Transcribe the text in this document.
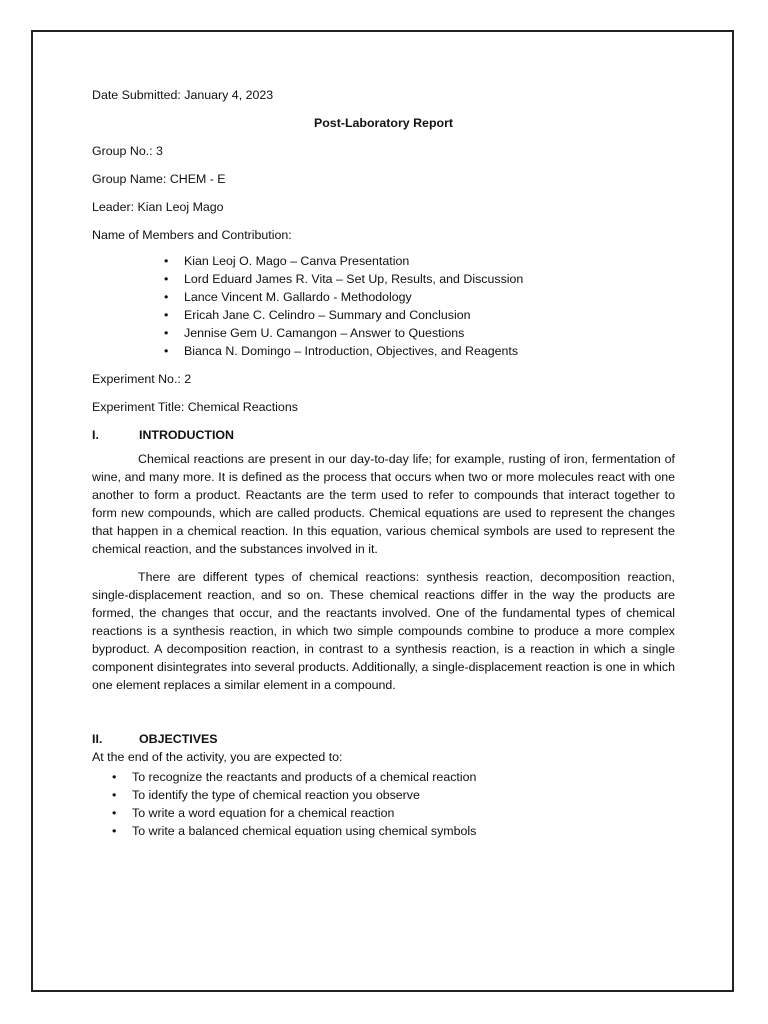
Date Submitted: January 4, 2023

Post-Laboratory Report

Group No.: 3

Group Name: CHEM - E

Leader: Kian Leoj Mago

Name of Members and Contribution:

• Kian Leoj O. Mago – Canva Presentation
• Lord Eduard James R. Vita – Set Up, Results, and Discussion
• Lance Vincent M. Gallardo - Methodology
• Ericah Jane C. Celindro – Summary and Conclusion
• Jennise Gem U. Camangon – Answer to Questions
• Bianca N. Domingo – Introduction, Objectives, and Reagents

Experiment No.: 2

Experiment Title: Chemical Reactions

I.	INTRODUCTION

Chemical reactions are present in our day-to-day life; for example, rusting of iron, fermentation of wine, and many more. It is defined as the process that occurs when two or more molecules react with one another to form a product. Reactants are the term used to refer to compounds that interact together to form new compounds, which are called products. Chemical equations are used to represent the changes that happen in a chemical reaction. In this equation, various chemical symbols are used to represent the chemical reaction, and the substances involved in it.

There are different types of chemical reactions: synthesis reaction, decomposition reaction, single-displacement reaction, and so on. These chemical reactions differ in the way the products are formed, the changes that occur, and the reactants involved. One of the fundamental types of chemical reactions is a synthesis reaction, in which two simple compounds combine to produce a more complex byproduct. A decomposition reaction, in contrast to a synthesis reaction, is a reaction in which a single component disintegrates into several products. Additionally, a single-displacement reaction is one in which one element replaces a similar element in a compound.

II.	OBJECTIVES

At the end of the activity, you are expected to:

• To recognize the reactants and products of a chemical reaction
• To identify the type of chemical reaction you observe
• To write a word equation for a chemical reaction
• To write a balanced chemical equation using chemical symbols
